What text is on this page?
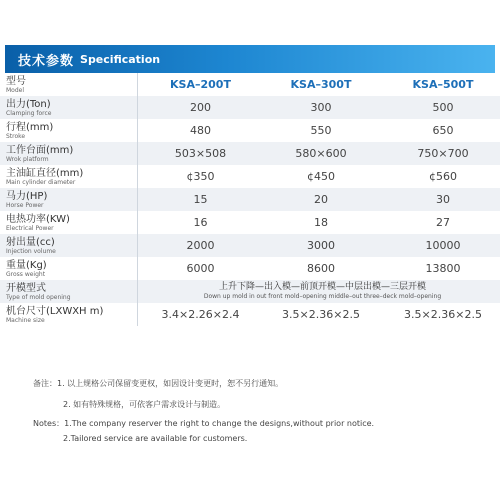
技术参数 Specification
型号
Model	KSA–200T	KSA–300T	KSA–500T

出力(Ton)
Clamping force	200	300	500

行程(mm)
Stroke	480	550	650

工作台面(mm)
Wrok platform	503×508	580×600	750×700

主油缸直径(mm)
Main cylinder diameter	¢350	¢450	¢560

马力(HP)
Horse Power	15	20	30

电热功率(KW)
Electrical Power	16	18	27

射出量(cc)
Injection volume	2000	3000	10000

重量(Kg)
Gross weight	6000	8600	13800

开模型式
Type of mold opening	上升下降—出入模—前顶开模—中层出模—三层开模
Down up mold in out front mold–opening middle–out three–deck mold–opening		

机台尺寸(LXWXH m)
Machine size	3.4×2.26×2.4	3.5×2.36×2.5	3.5×2.36×2.5
备注：1. 以上规格公司保留变更权，如因设计变更时，恕不另行通知。
2. 如有特殊规格，可依客户需求设计与制造。
Notes：1.The company reserver the right to change the designs,without prior notice.
2.Tailored service are available for customers.
